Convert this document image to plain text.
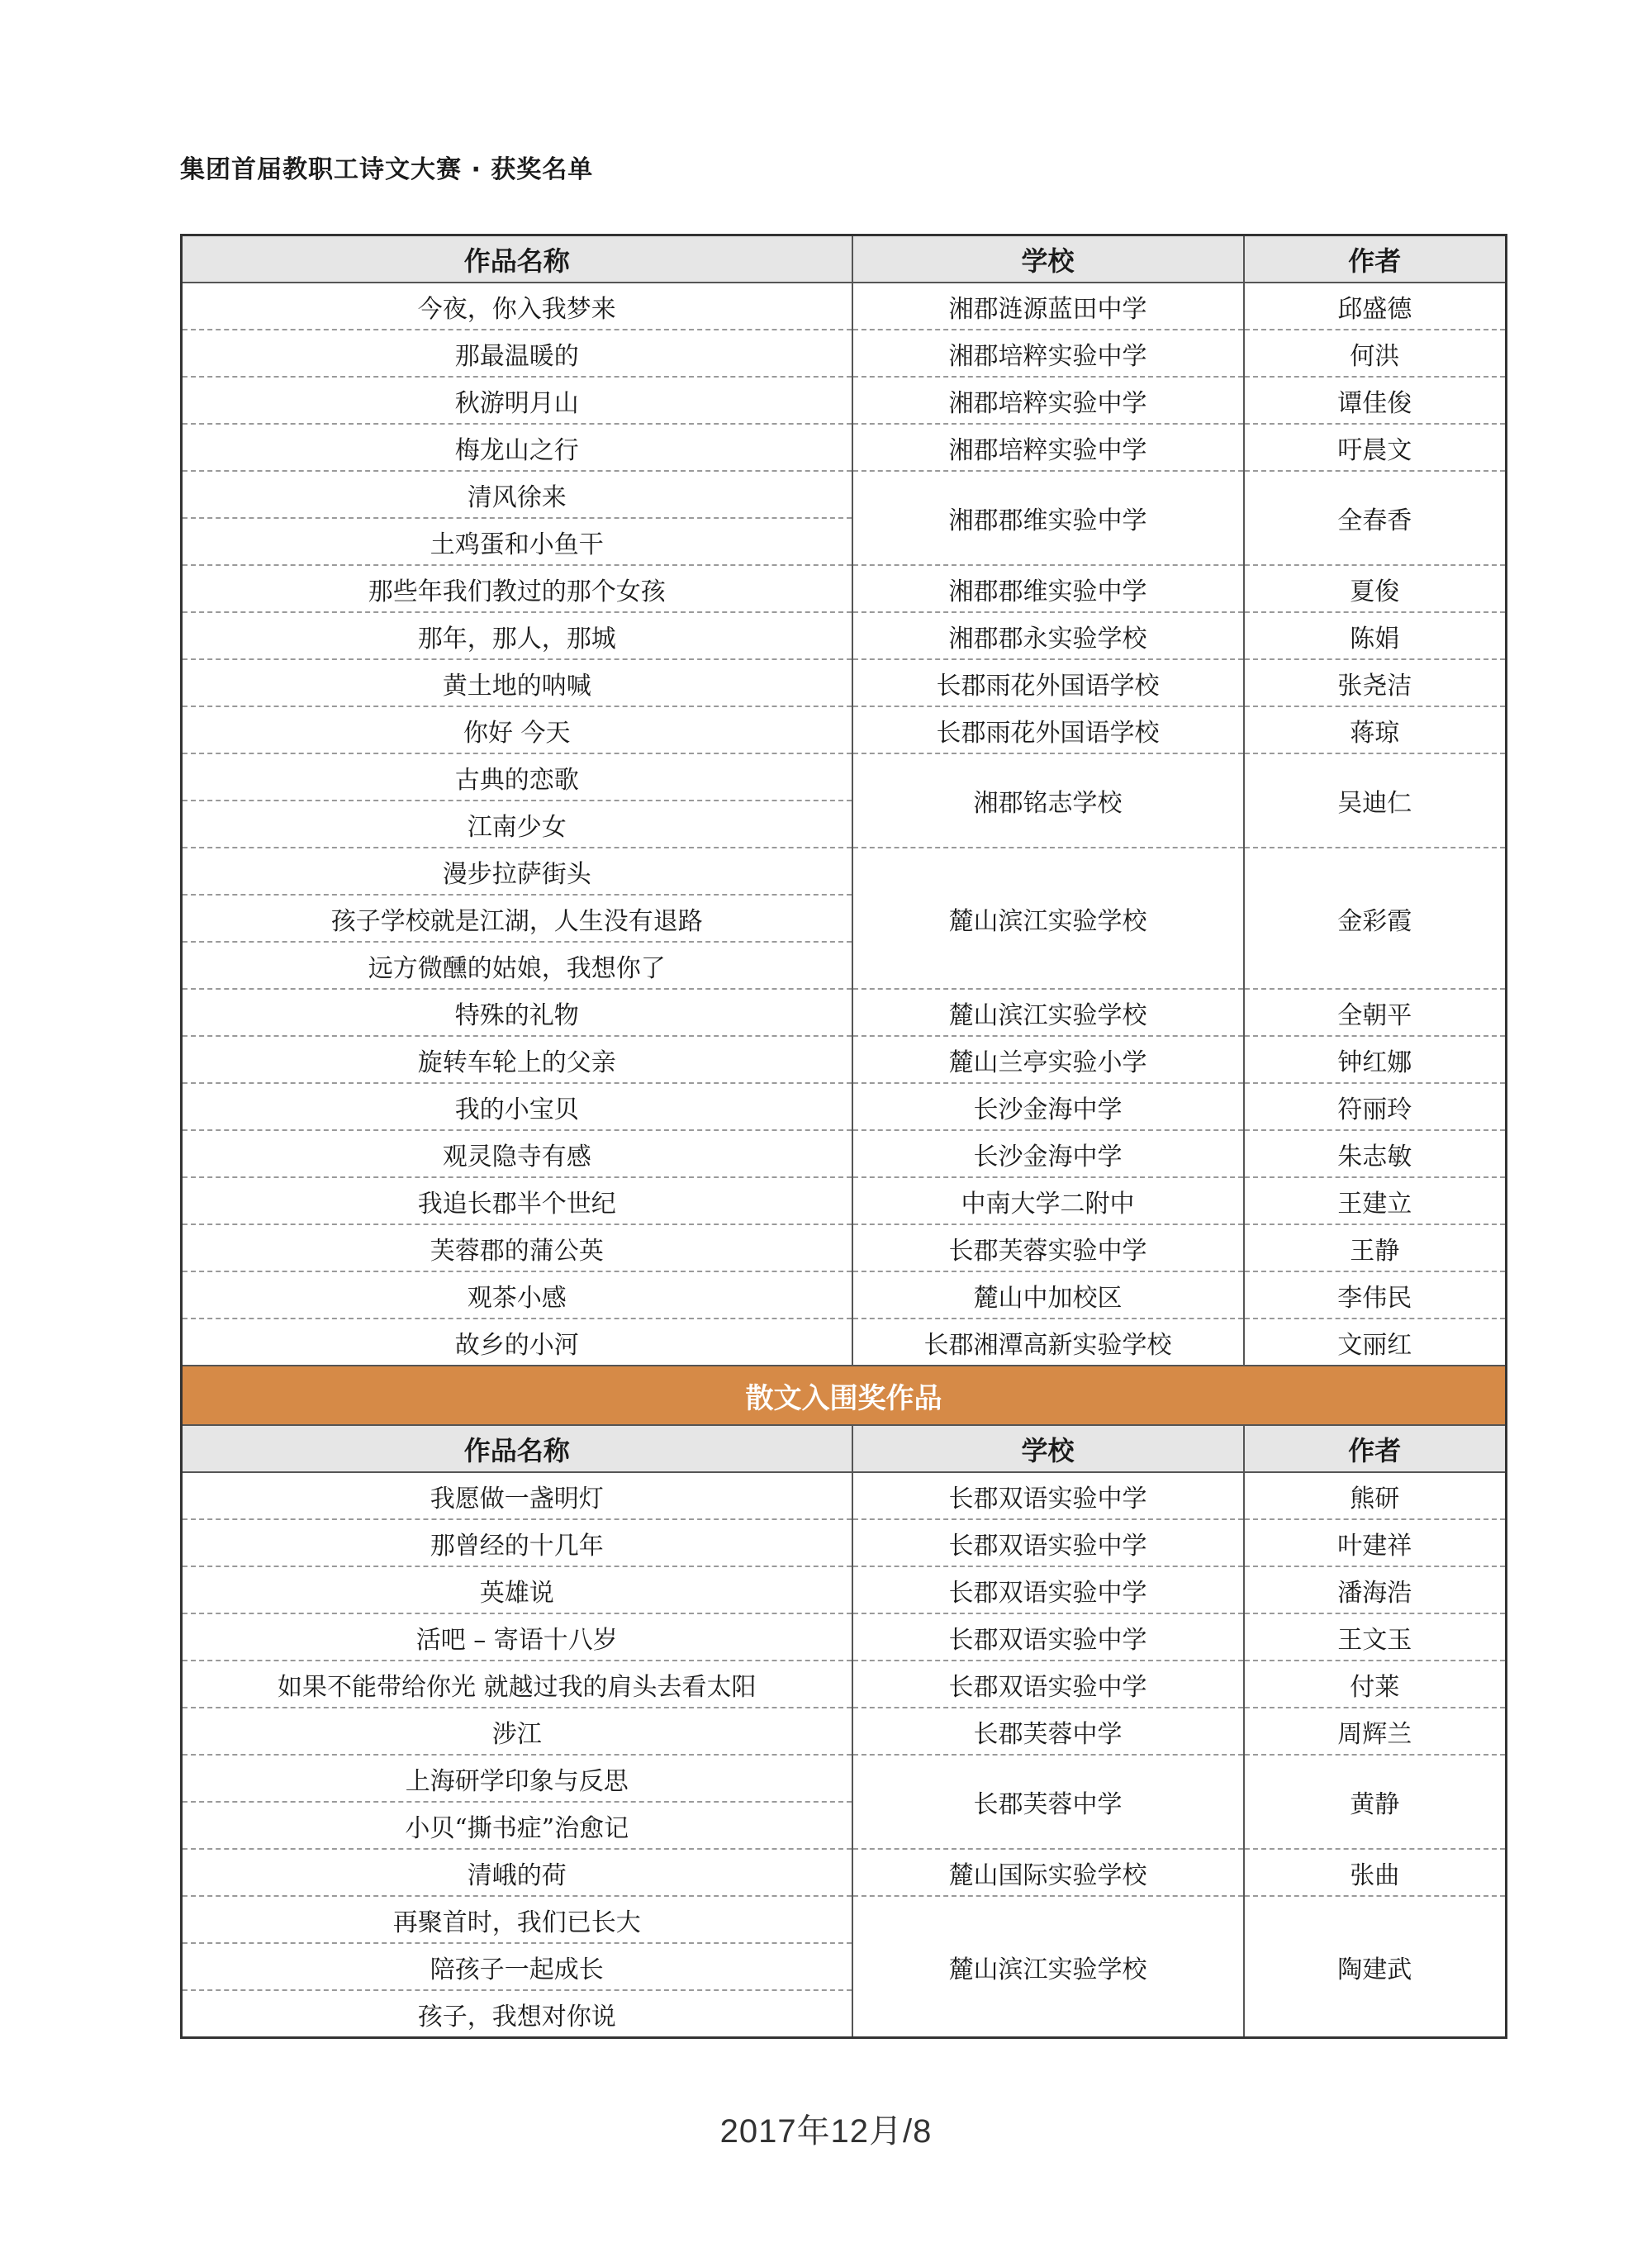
集团首届教职工诗文大赛 · 获奖名单
作品名称	学校	作者
今夜，你入我梦来	湘郡涟源蓝田中学	邱盛德
那最温暖的	湘郡培粹实验中学	何洪
秋游明月山	湘郡培粹实验中学	谭佳俊
梅龙山之行	湘郡培粹实验中学	吁晨文
清风徐来	湘郡郡维实验中学	全春香
土鸡蛋和小鱼干		
那些年我们教过的那个女孩	湘郡郡维实验中学	夏俊
那年，那人，那城	湘郡郡永实验学校	陈娟
黄土地的呐喊	长郡雨花外国语学校	张尧洁
你好 今天	长郡雨花外国语学校	蒋琼
古典的恋歌	湘郡铭志学校	吴迪仁
江南少女		
漫步拉萨街头	麓山滨江实验学校	金彩霞
孩子学校就是江湖，人生没有退路		
远方微醺的姑娘，我想你了		
特殊的礼物	麓山滨江实验学校	全朝平
旋转车轮上的父亲	麓山兰亭实验小学	钟红娜
我的小宝贝	长沙金海中学	符丽玲
观灵隐寺有感	长沙金海中学	朱志敏
我追长郡半个世纪	中南大学二附中	王建立
芙蓉郡的蒲公英	长郡芙蓉实验中学	王静
观茶小感	麓山中加校区	李伟民
故乡的小河	长郡湘潭高新实验学校	文丽红
散文入围奖作品		
作品名称	学校	作者
我愿做一盏明灯	长郡双语实验中学	熊研
那曾经的十几年	长郡双语实验中学	叶建祥
英雄说	长郡双语实验中学	潘海浩
活吧 – 寄语十八岁	长郡双语实验中学	王文玉
如果不能带给你光 就越过我的肩头去看太阳	长郡双语实验中学	付莱
涉江	长郡芙蓉中学	周辉兰
上海研学印象与反思	长郡芙蓉中学	黄静
小贝“撕书症”治愈记		
清峨的荷	麓山国际实验学校	张曲
再聚首时，我们已长大	麓山滨江实验学校	陶建武
陪孩子一起成长		
孩子，我想对你说		
2017年12月/8
